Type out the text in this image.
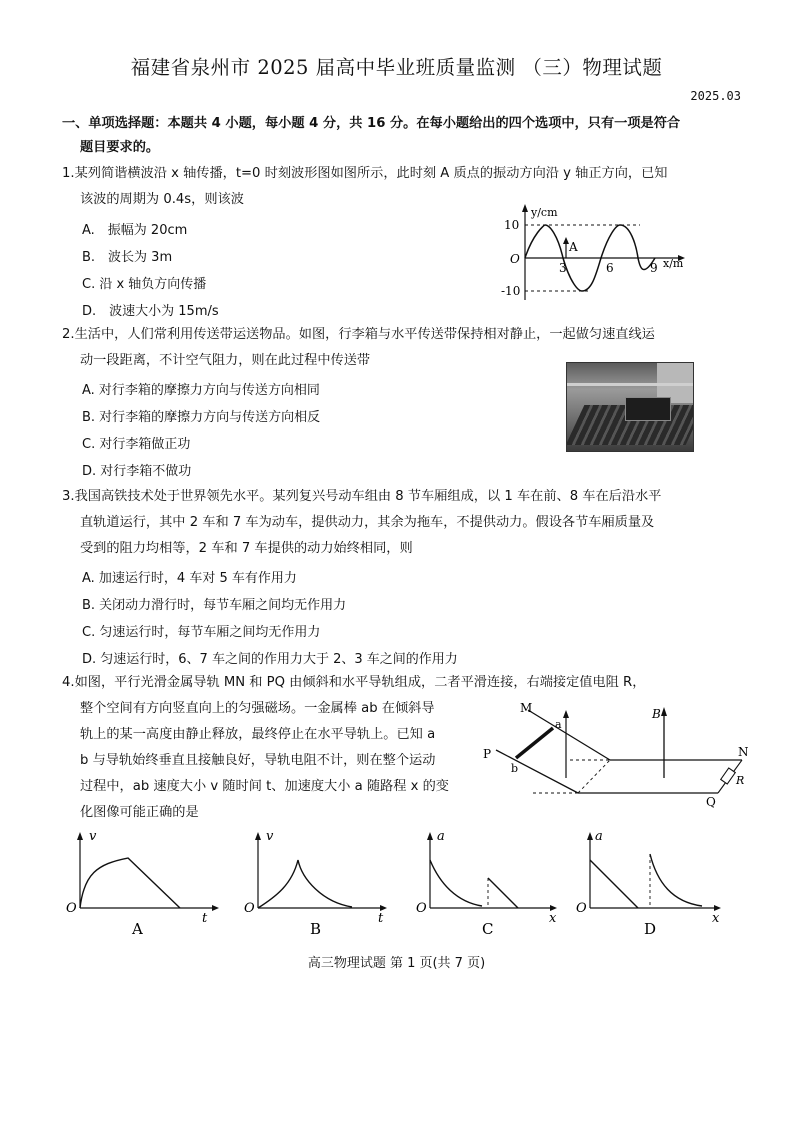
福建省泉州市 2025 届高中毕业班质量监测 （三）物理试题
2025.03
一、单项选择题：本题共 4 小题，每小题 4 分，共 16 分。在每小题给出的四个选项中，只有一项是符合
题目要求的。
1.某列简谐横波沿 x 轴传播，t=0 时刻波形图如图所示，此时刻 A 质点的振动方向沿 y 轴正方向，已知
该波的周期为 0.4s，则该波
A.　振幅为 20cm
B.　波长为 3m
C. 沿 x 轴负方向传播
D.　波速大小为 15m/s
A
y/cm
10
-10
O
3	6	9 x/m
2.生活中，人们常利用传送带运送物品。如图，行李箱与水平传送带保持相对静止，一起做匀速直线运
动一段距离，不计空气阻力，则在此过程中传送带
A. 对行李箱的摩擦力方向与传送方向相同
B. 对行李箱的摩擦力方向与传送方向相反
C. 对行李箱做正功
D. 对行李箱不做功
3.我国高铁技术处于世界领先水平。某列复兴号动车组由 8 节车厢组成，以 1 车在前、8 车在后沿水平
直轨道运行，其中 2 车和 7 车为动车，提供动力，其余为拖车，不提供动力。假设各节车厢质量及
受到的阻力均相等，2 车和 7 车提供的动力始终相同，则
A. 加速运行时，4 车对 5 车有作用力
B. 关闭动力滑行时，每节车厢之间均无作用力
C. 匀速运行时，每节车厢之间均无作用力
D. 匀速运行时，6、7 车之间的作用力大于 2、3 车之间的作用力
4.如图，平行光滑金属导轨 MN 和 PQ 由倾斜和水平导轨组成，二者平滑连接，右端接定值电阻 R，
整个空间有方向竖直向上的匀强磁场。一金属棒 ab 在倾斜导
轨上的某一高度由静止释放，最终停止在水平导轨上。已知 a
b 与导轨始终垂直且接触良好，导轨电阻不计，则在整个运动
过程中，ab 速度大小 v 随时间 t、加速度大小 a 随路程 x 的变
化图像可能正确的是
M
P	N
Q
a
b
B
R
v
t
O
A
v
t
O
B
a
x
O
C
a
x
O
D
高三物理试题 第 1 页(共 7 页)
